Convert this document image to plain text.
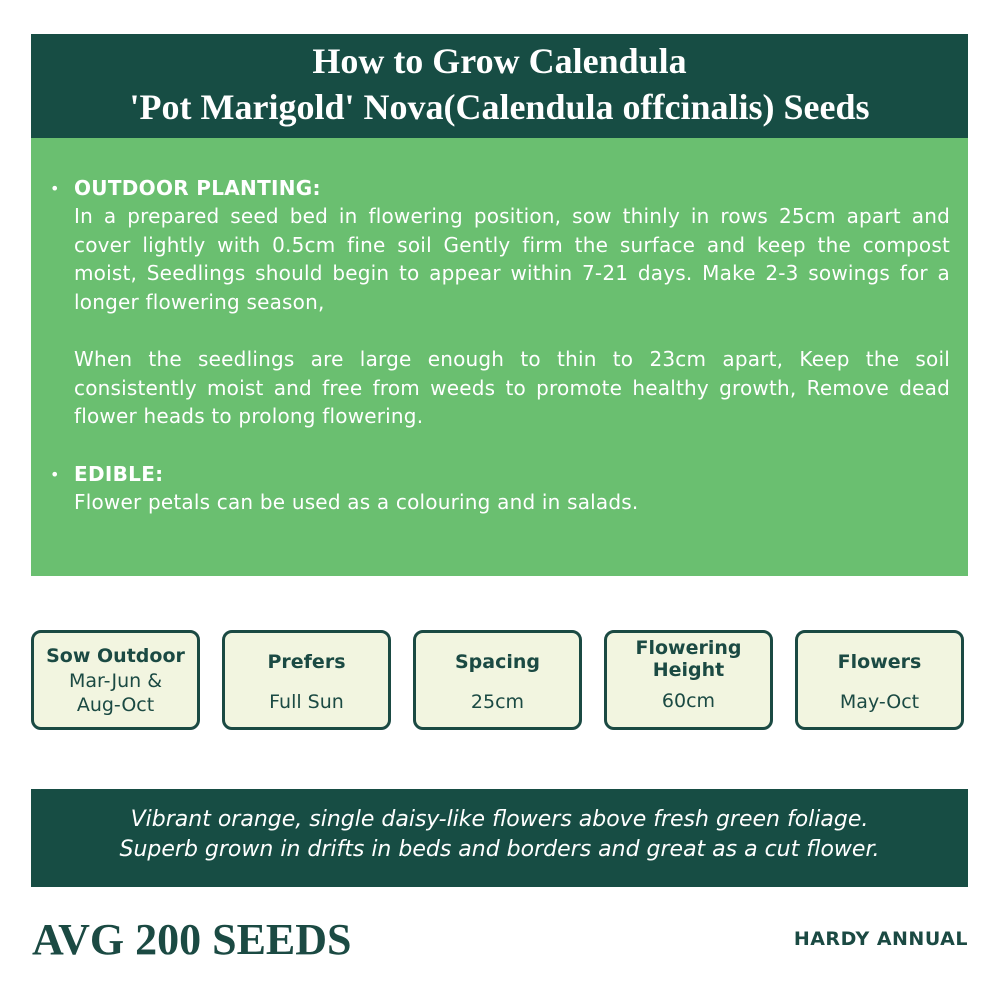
How to Grow Calendula
'Pot Marigold' Nova(Calendula offcinalis) Seeds
• OUTDOOR PLANTING:

In a prepared seed bed in flowering position, sow thinly in rows 25cm apart and cover lightly with 0.5cm fine soil Gently firm the surface and keep the compost moist, Seedlings should begin to appear within 7-21 days. Make 2-3 sowings for a longer flowering season,

When the seedlings are large enough to thin to 23cm apart, Keep the soil consistently moist and free from weeds to promote healthy growth, Remove dead flower heads to prolong flowering.

• EDIBLE:

Flower petals can be used as a colouring and in salads.

Sow Outdoor
Mar-Jun &
Aug-Oct
Prefers
Full Sun
Spacing
25cm
Flowering
Height
60cm
Flowers
May-Oct
Vibrant orange, single daisy-like flowers above fresh green foliage.
Superb grown in drifts in beds and borders and great as a cut flower.
AVG 200 SEEDS	HARDY ANNUAL
